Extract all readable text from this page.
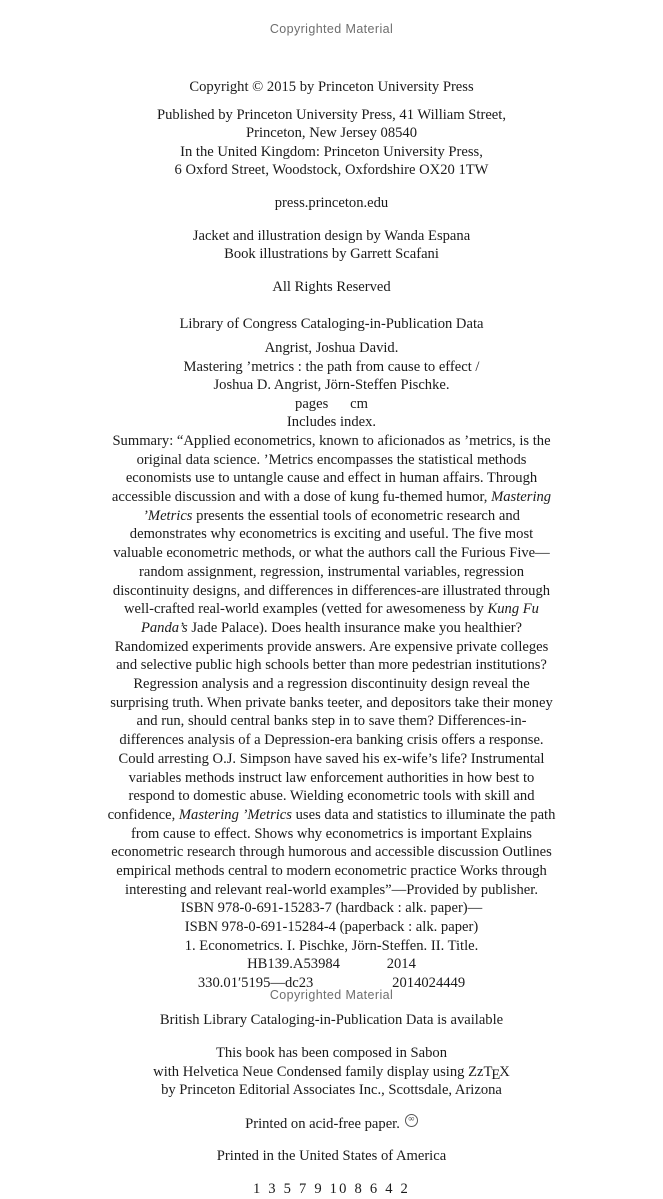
Copyrighted Material
Copyright © 2015 by Princeton University Press
Published by Princeton University Press, 41 William Street,
Princeton, New Jersey 08540
In the United Kingdom: Princeton University Press,
6 Oxford Street, Woodstock, Oxfordshire OX20 1TW
press.princeton.edu
Jacket and illustration design by Wanda Espana
Book illustrations by Garrett Scafani
All Rights Reserved
Library of Congress Cataloging-in-Publication Data
Angrist, Joshua David.
Mastering ’metrics : the path from cause to effect /
Joshua D. Angrist, Jörn-Steffen Pischke.
pages cm
Includes index.

Summary: “Applied econometrics, known to aficionados as ’metrics, is the original data science. ’Metrics encompasses the statistical methods economists use to untangle cause and effect in human affairs. Through accessible discussion and with a dose of kung fu-themed humor, Mastering ’Metrics presents the essential tools of econometric research and demonstrates why econometrics is exciting and useful. The five most valuable econometric methods, or what the authors call the Furious Five—random assignment, regression, instrumental variables, regression discontinuity designs, and differences in differences-are illustrated through well-crafted real-world examples (vetted for awesomeness by Kung Fu Panda’s Jade Palace). Does health insurance make you healthier? Randomized experiments provide answers. Are expensive private colleges and selective public high schools better than more pedestrian institutions? Regression analysis and a regression discontinuity design reveal the surprising truth. When private banks teeter, and depositors take their money and run, should central banks step in to save them? Differences-in-differences analysis of a Depression-era banking crisis offers a response. Could arresting O.J. Simpson have saved his ex-wife’s life? Instrumental variables methods instruct law enforcement authorities in how best to respond to domestic abuse. Wielding econometric tools with skill and confidence, Mastering ’Metrics uses data and statistics to illuminate the path from cause to effect. Shows why econometrics is important Explains econometric research through humorous and accessible discussion Outlines empirical methods central to modern econometric practice Works through interesting and relevant real-world examples”—Provided by publisher.

ISBN 978-0-691-15283-7 (hardback : alk. paper)—
ISBN 978-0-691-15284-4 (paperback : alk. paper)
1. Econometrics. I. Pischke, Jörn-Steffen. II. Title.
HB139.A53984	2014
330.01′5195—dc23	2014024449
British Library Cataloging-in-Publication Data is available
This book has been composed in Sabon
with Helvetica Neue Condensed family display using ZzTEX
by Princeton Editorial Associates Inc., Scottsdale, Arizona
Printed on acid-free paper.∞
Printed in the United States of America
1 3 5 7 9 10 8 6 4 2
Copyrighted Material
